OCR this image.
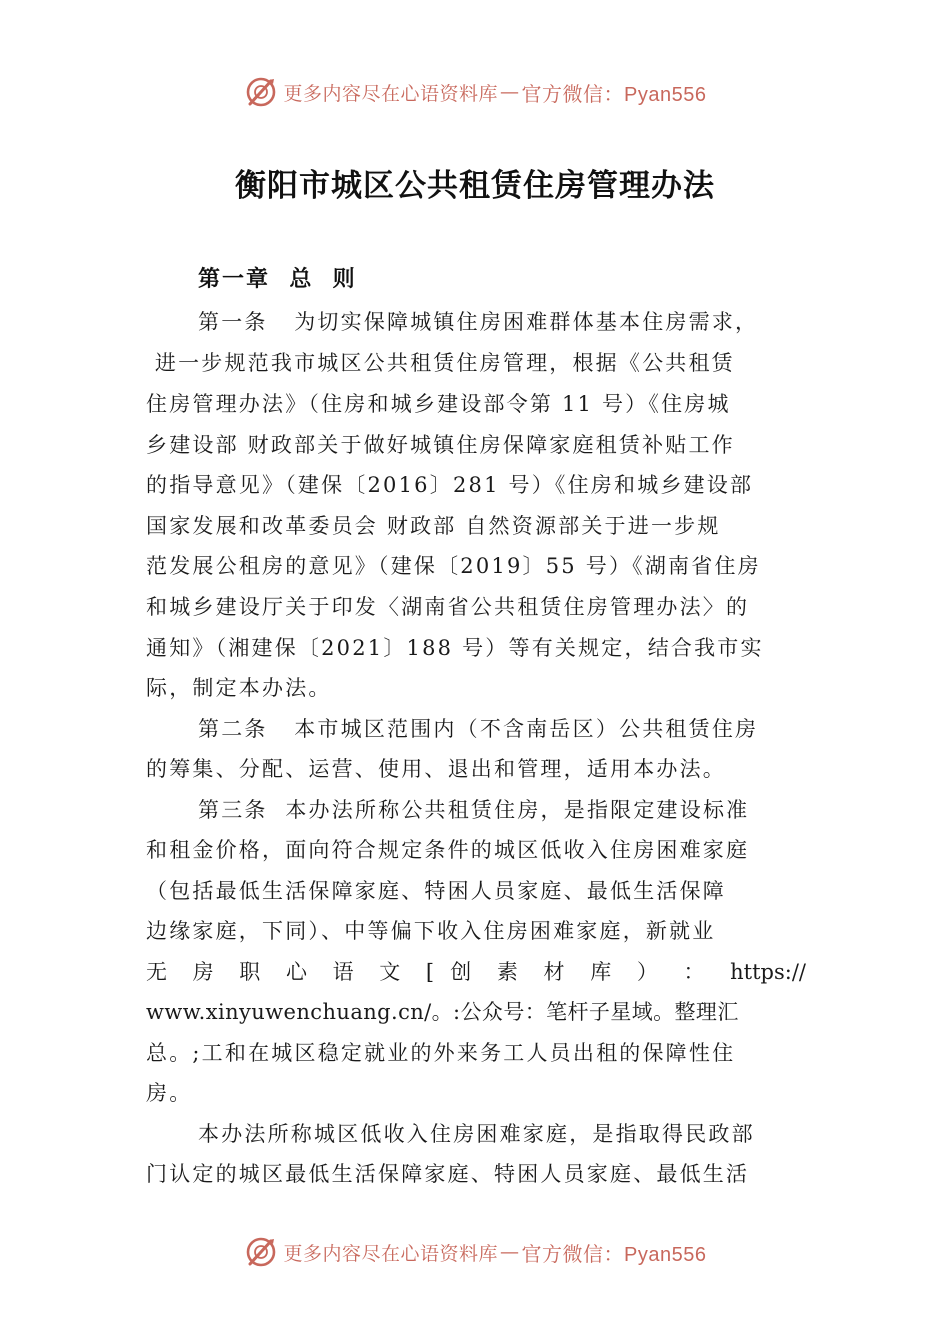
更多内容尽在心语资料库 — 官方微信：Pyan556
衡阳市城区公共租赁住房管理办法
第一章  总  则
第一条   为切实保障城镇住房困难群体基本住房需求，
进一步规范我市城区公共租赁住房管理，根据《公共租赁
住房管理办法》（住房和城乡建设部令第 11 号）《住房城
乡建设部 财政部关于做好城镇住房保障家庭租赁补贴工作
的指导意见》（建保〔2016〕281 号）《住房和城乡建设部
国家发展和改革委员会 财政部 自然资源部关于进一步规
范发展公租房的意见》（建保〔2019〕55 号）《湖南省住房
和城乡建设厅关于印发〈湖南省公共租赁住房管理办法〉的
通知》（湘建保〔2021〕188 号）等有关规定，结合我市实
际，制定本办法。
第二条   本市城区范围内（不含南岳区）公共租赁住房
的筹集、分配、运营、使用、退出和管理，适用本办法。
第三条  本办法所称公共租赁住房，是指限定建设标准
和租金价格，面向符合规定条件的城区低收入住房困难家庭
（包括最低生活保障家庭、特困人员家庭、最低生活保障
边缘家庭，下同）、中等偏下收入住房困难家庭，新就业
无 房 职 心 语 文 [ 创 素 材 库 ） ： https://
www.xinyuwenchuang.cn/。:公众号：笔杆子星域。整理汇
总。;工和在城区稳定就业的外来务工人员出租的保障性住
房。
本办法所称城区低收入住房困难家庭，是指取得民政部
门认定的城区最低生活保障家庭、特困人员家庭、最低生活
更多内容尽在心语资料库 — 官方微信：Pyan556
